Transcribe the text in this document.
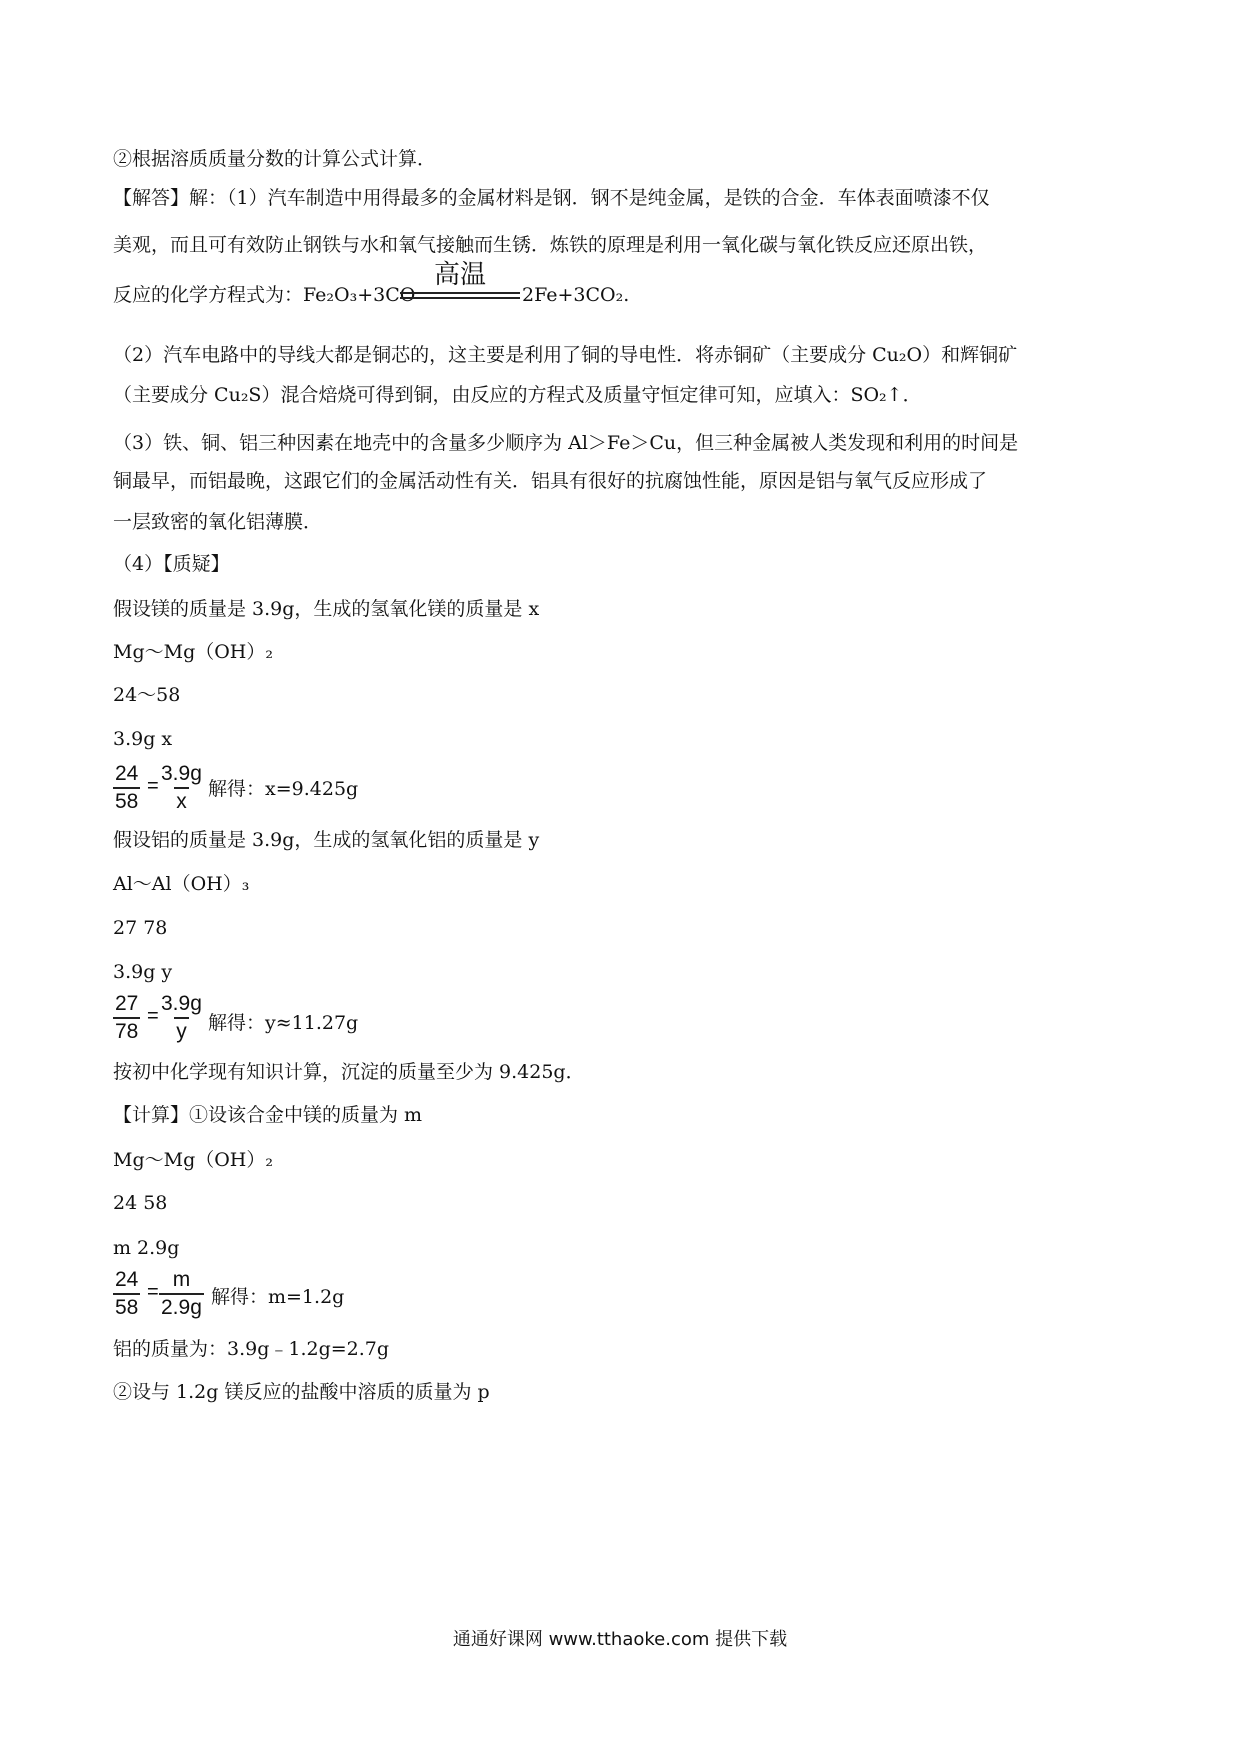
②根据溶质质量分数的计算公式计算．
【解答】解：（1）汽车制造中用得最多的金属材料是钢．钢不是纯金属，是铁的合金．车体表面喷漆不仅
美观，而且可有效防止钢铁与水和氧气接触而生锈．炼铁的原理是利用一氧化碳与氧化铁反应还原出铁，
反应的化学方程式为：Fe₂O₃+3CO
高温
2Fe+3CO₂.
（2）汽车电路中的导线大都是铜芯的，这主要是利用了铜的导电性．将赤铜矿（主要成分 Cu₂O）和辉铜矿
（主要成分 Cu₂S）混合焙烧可得到铜，由反应的方程式及质量守恒定律可知，应填入：SO₂↑．
（3）铁、铜、铝三种因素在地壳中的含量多少顺序为 Al＞Fe＞Cu，但三种金属被人类发现和利用的时间是
铜最早，而铝最晚，这跟它们的金属活动性有关．铝具有很好的抗腐蚀性能，原因是铝与氧气反应形成了
一层致密的氧化铝薄膜．
（4）【质疑】
假设镁的质量是 3.9g，生成的氢氧化镁的质量是 x
Mg～Mg（OH）₂
24～58
3.9g x
$\frac{24}{58} = \frac{3.9g}{x}$ 解得：x=9.425g
假设铝的质量是 3.9g，生成的氢氧化铝的质量是 y
Al～Al（OH）₃
27 78
3.9g y
$\frac{27}{78} = \frac{3.9g}{y}$ 解得：y≈11.27g
按初中化学现有知识计算，沉淀的质量至少为 9.425g．
【计算】①设该合金中镁的质量为 m
Mg～Mg（OH）₂
24 58
m 2.9g
$\frac{24}{58} = \frac{m}{2.9g}$ 解得：m=1.2g
铝的质量为：3.9g﹣1.2g=2.7g
②设与 1.2g 镁反应的盐酸中溶质的质量为 p
通通好课网 www.tthaoke.com 提供下载
